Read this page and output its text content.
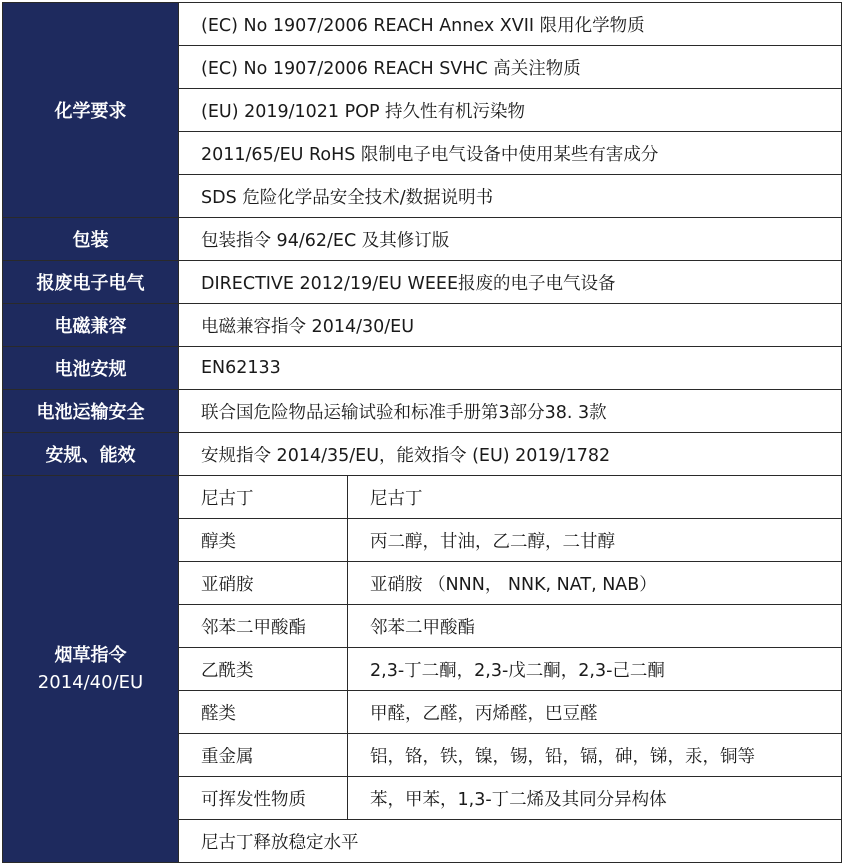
化学要求	(EC) No 1907/2006 REACH Annex XVII 限用化学物质	
	(EC) No 1907/2006 REACH SVHC 高关注物质	
	(EU) 2019/1021 POP 持久性有机污染物	
	2011/65/EU RoHS 限制电子电气设备中使用某些有害成分	
	SDS 危险化学品安全技术/数据说明书	
包装	包装指令 94/62/EC 及其修订版	
报废电子电气	DIRECTIVE 2012/19/EU WEEE报废的电子电气设备	
电磁兼容	电磁兼容指令 2014/30/EU	
电池安规	EN62133	
电池运输安全	联合国危险物品运输试验和标准手册第3部分38. 3款	
安规、能效	安规指令 2014/35/EU，能效指令 (EU) 2019/1782	

烟草指令
2014/40/EU	尼古丁	尼古丁
	醇类	丙二醇，甘油，乙二醇，二甘醇
	亚硝胺	亚硝胺 （NNN， NNK, NAT, NAB）
	邻苯二甲酸酯	邻苯二甲酸酯
	乙酰类	2,3-丁二酮，2,3-戊二酮，2,3-己二酮
	醛类	甲醛，乙醛，丙烯醛，巴豆醛
	重金属	铝，铬，铁，镍，锡，铅，镉，砷，锑，汞，铜等
	可挥发性物质	苯，甲苯，1,3-丁二烯及其同分异构体
	尼古丁释放稳定水平	
